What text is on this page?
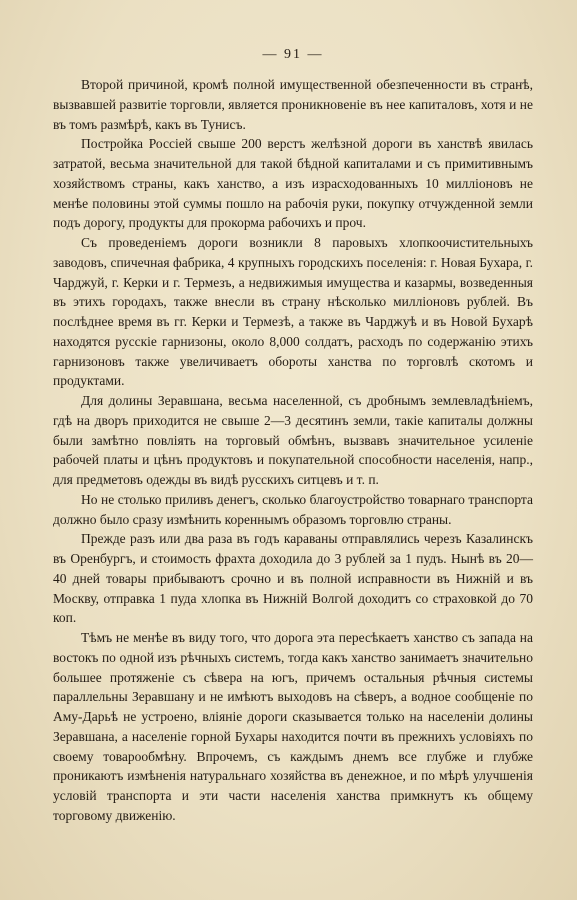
— 91 —

Второй причиной, кромѣ полной имущественной обезпеченности въ странѣ, вызвавшей развитіе торговли, является проникновеніе въ нее капиталовъ, хотя и не въ томъ размѣрѣ, какъ въ Тунисъ.

Постройка Россіей свыше 200 верстъ желѣзной дороги въ ханствѣ явилась затратой, весьма значительной для такой бѣдной капиталами и съ примитивнымъ хозяйствомъ страны, какъ ханство, а изъ израсходованныхъ 10 милліоновъ не менѣе половины этой суммы пошло на рабочія руки, покупку отчужденной земли подъ дорогу, продукты для прокорма рабочихъ и проч.

Съ проведеніемъ дороги возникли 8 паровыхъ хлопкоочистительныхъ заводовъ, спичечная фабрика, 4 крупныхъ городскихъ поселенія: г. Новая Бухара, г. Чарджуй, г. Керки и г. Термезъ, а недвижимыя имущества и казармы, возведенныя въ этихъ городахъ, также внесли въ страну нѣсколько милліоновъ рублей. Въ послѣднее время въ гг. Керки и Термезѣ, а также въ Чарджуѣ и въ Новой Бухарѣ находятся русскіе гарнизоны, около 8,000 солдатъ, расходъ по содержанію этихъ гарнизоновъ также увеличиваетъ обороты ханства по торговлѣ скотомъ и продуктами.

Для долины Зеравшана, весьма населенной, съ дробнымъ землевладѣніемъ, гдѣ на дворъ приходится не свыше 2—3 десятинъ земли, такіе капиталы должны были замѣтно повліять на торговый обмѣнъ, вызвавъ значительное усиленіе рабочей платы и цѣнъ продуктовъ и покупательной способности населенія, напр., для предметовъ одежды въ видѣ русскихъ ситцевъ и т. п.

Но не столько приливъ денегъ, сколько благоустройство товарнаго транспорта должно было сразу измѣнить кореннымъ образомъ торговлю страны.

Прежде разъ или два раза въ годъ караваны отправлялись черезъ Казалинскъ въ Оренбургъ, и стоимость фрахта доходила до 3 рублей за 1 пудъ. Нынѣ въ 20—40 дней товары прибываютъ срочно и въ полной исправности въ Нижній и въ Москву, отправка 1 пуда хлопка въ Нижній Волгой доходитъ со страховкой до 70 коп.

Тѣмъ не менѣе въ виду того, что дорога эта пересѣкаетъ ханство съ запада на востокъ по одной изъ рѣчныхъ системъ, тогда какъ ханство занимаетъ значительно большее протяженіе съ сѣвера на югъ, причемъ остальныя рѣчныя системы параллельны Зеравшану и не имѣютъ выходовъ на сѣверъ, а водное сообщеніе по Аму-Дарьѣ не устроено, вліяніе дороги сказывается только на населеніи долины Зеравшана, а населеніе горной Бухары находится почти въ прежнихъ условіяхъ по своему товарообмѣну. Впрочемъ, съ каждымъ днемъ все глубже и глубже проникаютъ измѣненія натуральнаго хозяйства въ денежное, и по мѣрѣ улучшенія условій транспорта и эти части населенія ханства примкнутъ къ общему торговому движенію.
